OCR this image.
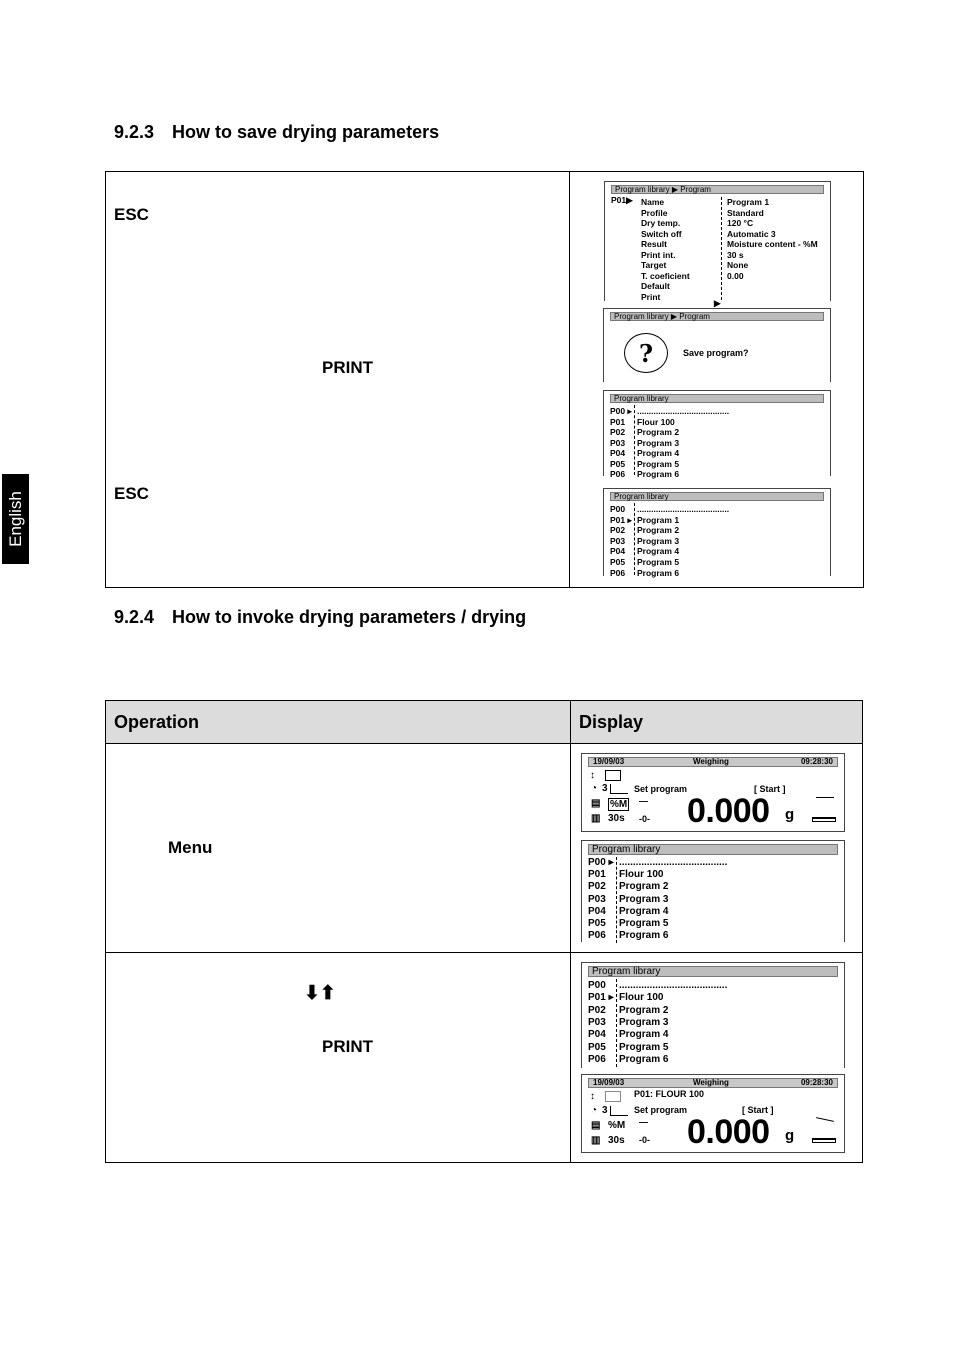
English
9.2.3 How to save drying parameters
ESC
PRINT
ESC
Program library ▶ Program
P01▶
▶
Name	Program 1
Profile	Standard
Dry temp.	120 °C
Switch off	Automatic 3
Result	Moisture content - %M
Print int.	30 s
Target	None
T. coeficient	0.00
Default
Print
Program library ▶ Program
?	Save program?
Program library
P00 ▸ .......................................
P01 Flour 100
P02 Program 2
P03 Program 3
P04 Program 4
P05 Program 5
P06 Program 6
Program library
P00 .......................................
P01 ▸ Program 1
P02 Program 2
P03 Program 3
P04 Program 4
P05 Program 5
P06 Program 6
9.2.4 How to invoke drying parameters / drying
Operation	Display
Menu
⬇⬆
PRINT
19/09/03	Weighing	09:28:30
↕
◔ 3	Set program	[ Start ]
▤ %M
▥ 30s
―
-0- 0.000 g
Program library
P00 ▸ .......................................
P01 Flour 100
P02 Program 2
P03 Program 3
P04 Program 4
P05 Program 5
P06 Program 6
Program library
P00 .......................................
P01 ▸ Flour 100
P02 Program 2
P03 Program 3
P04 Program 4
P05 Program 5
P06 Program 6
19/09/03	Weighing	09:28:30
↕	P01: FLOUR 100
◔ 3	Set program	[ Start ]
▤ %M
▥ 30s
―
-0- 0.000 g
